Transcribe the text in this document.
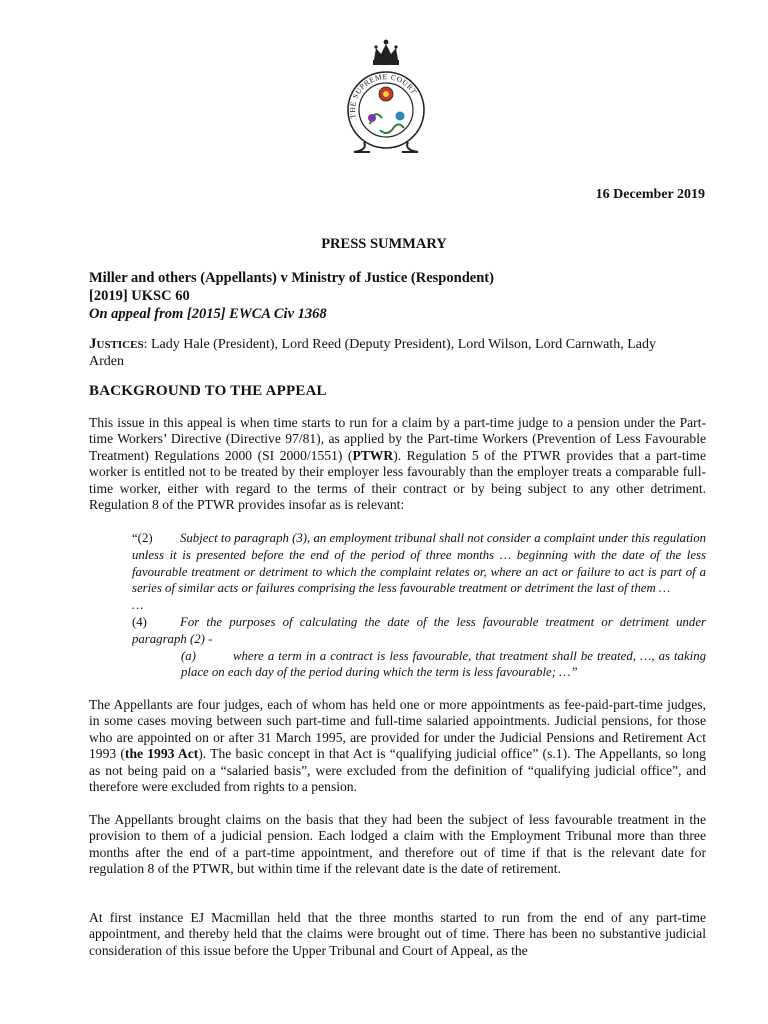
THE SUPREME COURT
16 December 2019
PRESS SUMMARY
Miller and others (Appellants) v Ministry of Justice (Respondent)
[2019] UKSC 60
On appeal from [2015] EWCA Civ 1368
Justices: Lady Hale (President), Lord Reed (Deputy President), Lord Wilson, Lord Carnwath, Lady Arden
BACKGROUND TO THE APPEAL
This issue in this appeal is when time starts to run for a claim by a part-time judge to a pension under the Part-time Workers’ Directive (Directive 97/81), as applied by the Part-time Workers (Prevention of Less Favourable Treatment) Regulations 2000 (SI 2000/1551) (PTWR). Regulation 5 of the PTWR provides that a part-time worker is entitled not to be treated by their employer less favourably than the employer treats a comparable full-time worker, either with regard to the terms of their contract or by being subject to any other detriment. Regulation 8 of the PTWR provides insofar as is relevant:
“(2) Subject to paragraph (3), an employment tribunal shall not consider a complaint under this regulation unless it is presented before the end of the period of three months … beginning with the date of the less favourable treatment or detriment to which the complaint relates or, where an act or failure to act is part of a series of similar acts or failures comprising the less favourable treatment or detriment the last of them …
…
(4)	For the purposes of calculating the date of the less favourable treatment or detriment under paragraph (2) -
(a)	where a term in a contract is less favourable, that treatment shall be treated, …, as taking place on each day of the period during which the term is less favourable; …”
The Appellants are four judges, each of whom has held one or more appointments as fee-paid-part-time judges, in some cases moving between such part-time and full-time salaried appointments. Judicial pensions, for those who are appointed on or after 31 March 1995, are provided for under the Judicial Pensions and Retirement Act 1993 (the 1993 Act). The basic concept in that Act is “qualifying judicial office” (s.1). The Appellants, so long as not being paid on a “salaried basis”, were excluded from the definition of “qualifying judicial office”, and therefore were excluded from rights to a pension.
The Appellants brought claims on the basis that they had been the subject of less favourable treatment in the provision to them of a judicial pension. Each lodged a claim with the Employment Tribunal more than three months after the end of a part-time appointment, and therefore out of time if that is the relevant date for regulation 8 of the PTWR, but within time if the relevant date is the date of retirement.
At first instance EJ Macmillan held that the three months started to run from the end of any part-time appointment, and thereby held that the claims were brought out of time. There has been no substantive judicial consideration of this issue before the Upper Tribunal and Court of Appeal, as the
